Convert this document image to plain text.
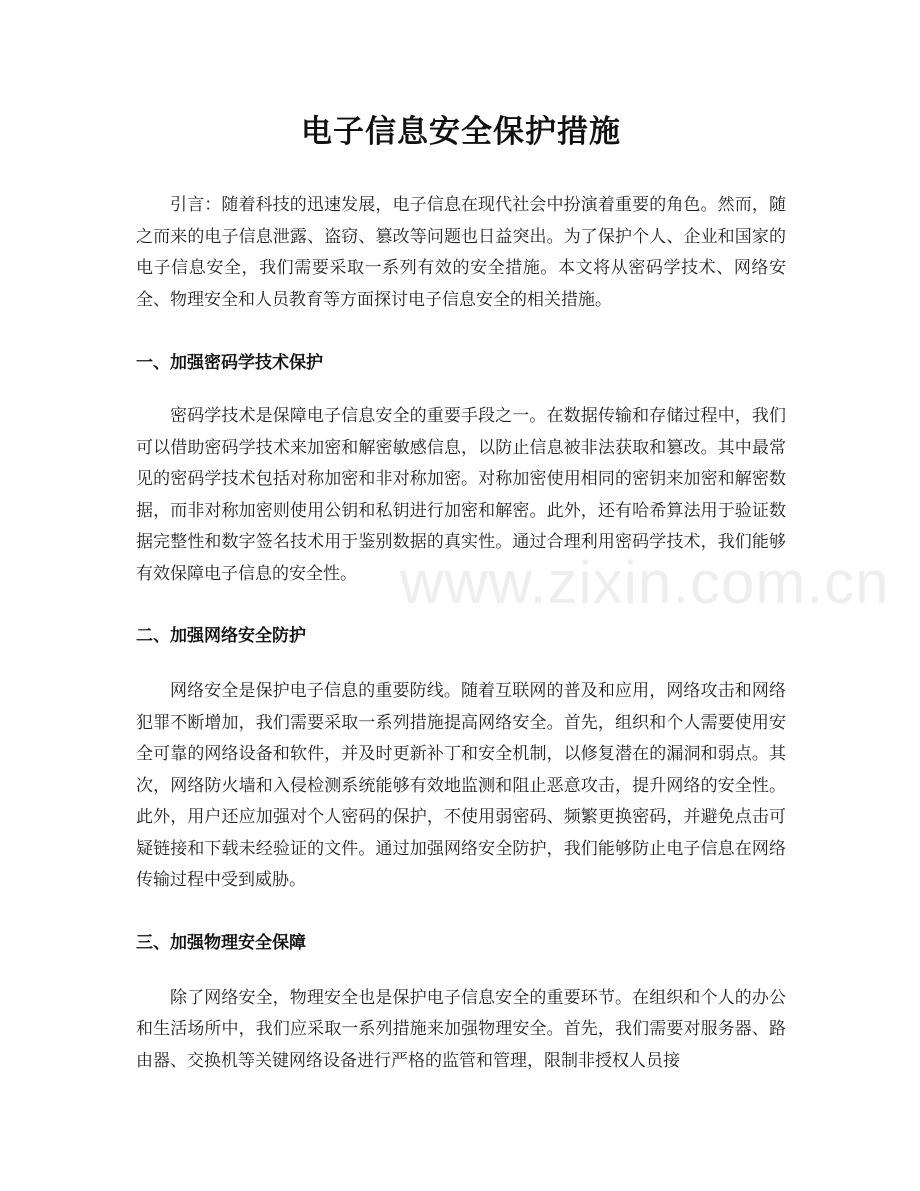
电子信息安全保护措施

引言：随着科技的迅速发展，电子信息在现代社会中扮演着重要的角色。然而，随之而来的电子信息泄露、盗窃、篡改等问题也日益突出。为了保护个人、企业和国家的电子信息安全，我们需要采取一系列有效的安全措施。本文将从密码学技术、网络安全、物理安全和人员教育等方面探讨电子信息安全的相关措施。

一、加强密码学技术保护

密码学技术是保障电子信息安全的重要手段之一。在数据传输和存储过程中，我们可以借助密码学技术来加密和解密敏感信息，以防止信息被非法获取和篡改。其中最常见的密码学技术包括对称加密和非对称加密。对称加密使用相同的密钥来加密和解密数据，而非对称加密则使用公钥和私钥进行加密和解密。此外，还有哈希算法用于验证数据完整性和数字签名技术用于鉴别数据的真实性。通过合理利用密码学技术，我们能够有效保障电子信息的安全性。

二、加强网络安全防护

网络安全是保护电子信息的重要防线。随着互联网的普及和应用，网络攻击和网络犯罪不断增加，我们需要采取一系列措施提高网络安全。首先，组织和个人需要使用安全可靠的网络设备和软件，并及时更新补丁和安全机制，以修复潜在的漏洞和弱点。其次，网络防火墙和入侵检测系统能够有效地监测和阻止恶意攻击，提升网络的安全性。此外，用户还应加强对个人密码的保护，不使用弱密码、频繁更换密码，并避免点击可疑链接和下载未经验证的文件。通过加强网络安全防护，我们能够防止电子信息在网络传输过程中受到威胁。

三、加强物理安全保障

除了网络安全，物理安全也是保护电子信息安全的重要环节。在组织和个人的办公和生活场所中，我们应采取一系列措施来加强物理安全。首先，我们需要对服务器、路由器、交换机等关键网络设备进行严格的监管和管理，限制非授权人员接

www.zixin.com.cn
